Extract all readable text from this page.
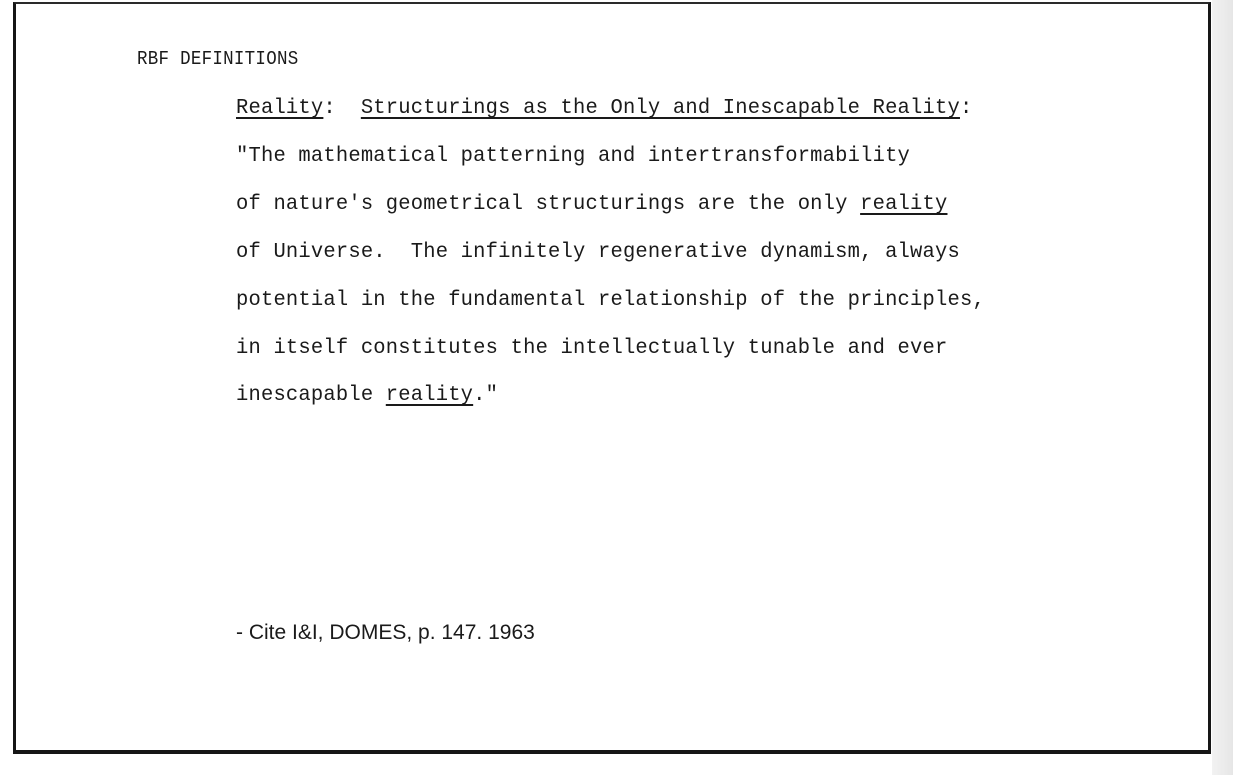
RBF DEFINITIONS
Reality:  Structurings as the Only and Inescapable Reality:
"The mathematical patterning and intertransformability
of nature's geometrical structurings are the only reality
of Universe.  The infinitely regenerative dynamism, always
potential in the fundamental relationship of the principles,
in itself constitutes the intellectually tunable and ever
inescapable reality."
- Cite I&I, DOMES, p. 147. 1963
